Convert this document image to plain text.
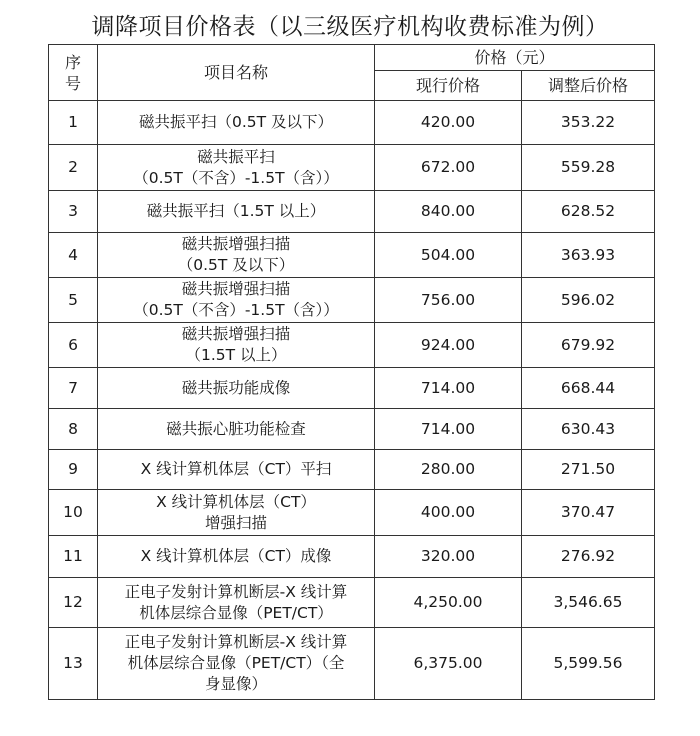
调降项目价格表（以三级医疗机构收费标准为例）
序
号	项目名称	价格（元）	
		现行价格	调整后价格
1	磁共振平扫（0.5T 及以下）	420.00	353.22
2	磁共振平扫
（0.5T（不含）-1.5T（含））	672.00	559.28
3	磁共振平扫（1.5T 以上）	840.00	628.52
4	磁共振增强扫描
（0.5T 及以下）	504.00	363.93
5	磁共振增强扫描
（0.5T（不含）-1.5T（含））	756.00	596.02
6	磁共振增强扫描
（1.5T 以上）	924.00	679.92
7	磁共振功能成像	714.00	668.44
8	磁共振心脏功能检查	714.00	630.43
9	X 线计算机体层（CT）平扫	280.00	271.50
10	X 线计算机体层（CT）
增强扫描	400.00	370.47
11	X 线计算机体层（CT）成像	320.00	276.92
12	正电子发射计算机断层-X 线计算
机体层综合显像（PET/CT）	4,250.00	3,546.65
13	正电子发射计算机断层-X 线计算
机体层综合显像（PET/CT）（全
身显像）	6,375.00	5,599.56
